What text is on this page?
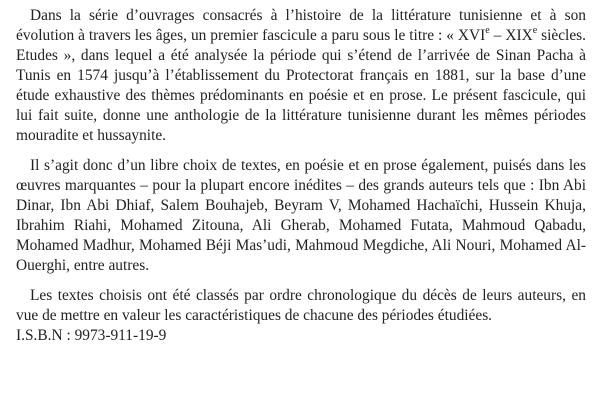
Dans la série d’ouvrages consacrés à l’histoire de la littérature tunisienne et à son évolution à travers les âges, un premier fascicule a paru sous le titre : « XVIe – XIXe siècles. Etudes », dans lequel a été analysée la période qui s’étend de l’arrivée de Sinan Pacha à Tunis en 1574 jusqu’à l’établissement du Protectorat français en 1881, sur la base d’une étude exhaustive des thèmes prédominants en poésie et en prose. Le présent fascicule, qui lui fait suite, donne une anthologie de la littérature tunisienne durant les mêmes périodes mouradite et hussaynite.

Il s’agit donc d’un libre choix de textes, en poésie et en prose également, puisés dans les œuvres marquantes – pour la plupart encore inédites – des grands auteurs tels que : Ibn Abi Dinar, Ibn Abi Dhiaf, Salem Bouhajeb, Beyram V, Mohamed Hachaïchi, Hussein Khuja, Ibrahim Riahi, Mohamed Zitouna, Ali Gherab, Mohamed Futata, Mahmoud Qabadu, Mohamed Madhur, Mohamed Béji Mas’udi, Mahmoud Megdiche, Ali Nouri, Mohamed Al-Ouerghi, entre autres.

Les textes choisis ont été classés par ordre chronologique du décès de leurs auteurs, en vue de mettre en valeur les caractéristiques de chacune des périodes étudiées.

I.S.B.N : 9973-911-19-9
